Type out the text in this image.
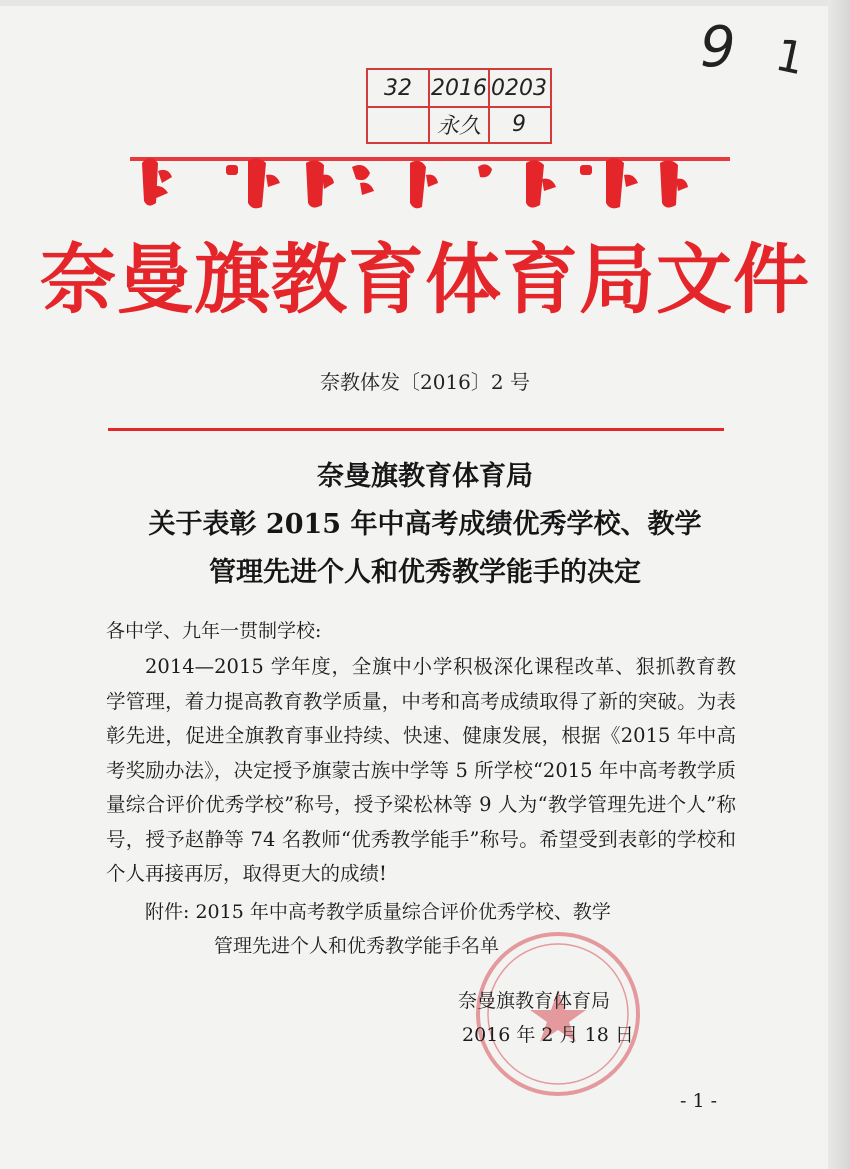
9 1
32 2016 0203
永久	9
奈曼旗教育体育局文件
奈教体发〔2016〕2 号
奈曼旗教育体育局
关于表彰 2015 年中高考成绩优秀学校、教学
管理先进个人和优秀教学能手的决定
各中学、九年一贯制学校:
2014—2015 学年度，全旗中小学积极深化课程改革、狠抓教育教学管理，着力提高教育教学质量，中考和高考成绩取得了新的突破。为表彰先进，促进全旗教育事业持续、快速、健康发展，根据《2015 年中高考奖励办法》，决定授予旗蒙古族中学等 5 所学校“2015 年中高考教学质量综合评价优秀学校”称号，授予梁松林等 9 人为“教学管理先进个人”称号，授予赵静等 74 名教师“优秀教学能手”称号。希望受到表彰的学校和个人再接再厉，取得更大的成绩!
附件: 2015 年中高考教学质量综合评价优秀学校、教学
管理先进个人和优秀教学能手名单
奈曼旗教育体育局
2016 年 2 月 18 日
- 1 -
